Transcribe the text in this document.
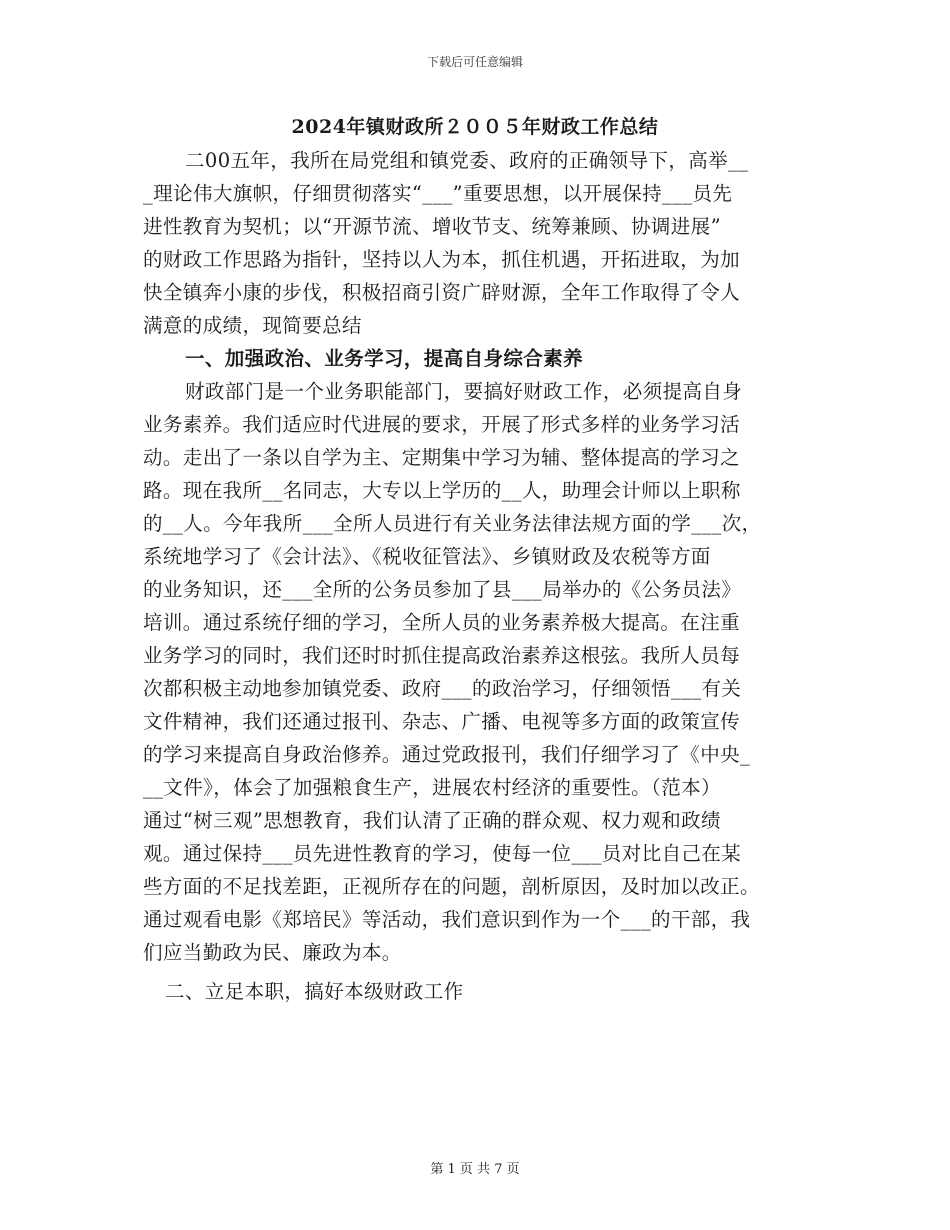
下载后可任意编辑
2024年镇财政所２００５年财政工作总结
二00五年，我所在局党组和镇党委、政府的正确领导下，高举__
_理论伟大旗帜，仔细贯彻落实“___”重要思想，以开展保持___员先
进性教育为契机；以“开源节流、增收节支、统筹兼顾、协调进展”
的财政工作思路为指针，坚持以人为本，抓住机遇，开拓进取，为加
快全镇奔小康的步伐，积极招商引资广辟财源，全年工作取得了令人
满意的成绩，现简要总结
一、加强政治、业务学习，提高自身综合素养
财政部门是一个业务职能部门，要搞好财政工作，必须提高自身
业务素养。我们适应时代进展的要求，开展了形式多样的业务学习活
动。走出了一条以自学为主、定期集中学习为辅、整体提高的学习之
路。现在我所__名同志，大专以上学历的__人，助理会计师以上职称
的__人。今年我所___全所人员进行有关业务法律法规方面的学___次，
系统地学习了《会计法》、《税收征管法》、乡镇财政及农税等方面
的业务知识，还___全所的公务员参加了县___局举办的《公务员法》
培训。通过系统仔细的学习，全所人员的业务素养极大提高。在注重
业务学习的同时，我们还时时抓住提高政治素养这根弦。我所人员每
次都积极主动地参加镇党委、政府___的政治学习，仔细领悟___有关
文件精神，我们还通过报刊、杂志、广播、电视等多方面的政策宣传
的学习来提高自身政治修养。通过党政报刊，我们仔细学习了《中央_
__文件》，体会了加强粮食生产，进展农村经济的重要性。（范本）
通过“树三观”思想教育，我们认清了正确的群众观、权力观和政绩
观。通过保持___员先进性教育的学习，使每一位___员对比自己在某
些方面的不足找差距，正视所存在的问题，剖析原因，及时加以改正。
通过观看电影《郑培民》等活动，我们意识到作为一个___的干部，我
们应当勤政为民、廉政为本。
二、立足本职，搞好本级财政工作
第 1 页 共 7 页
